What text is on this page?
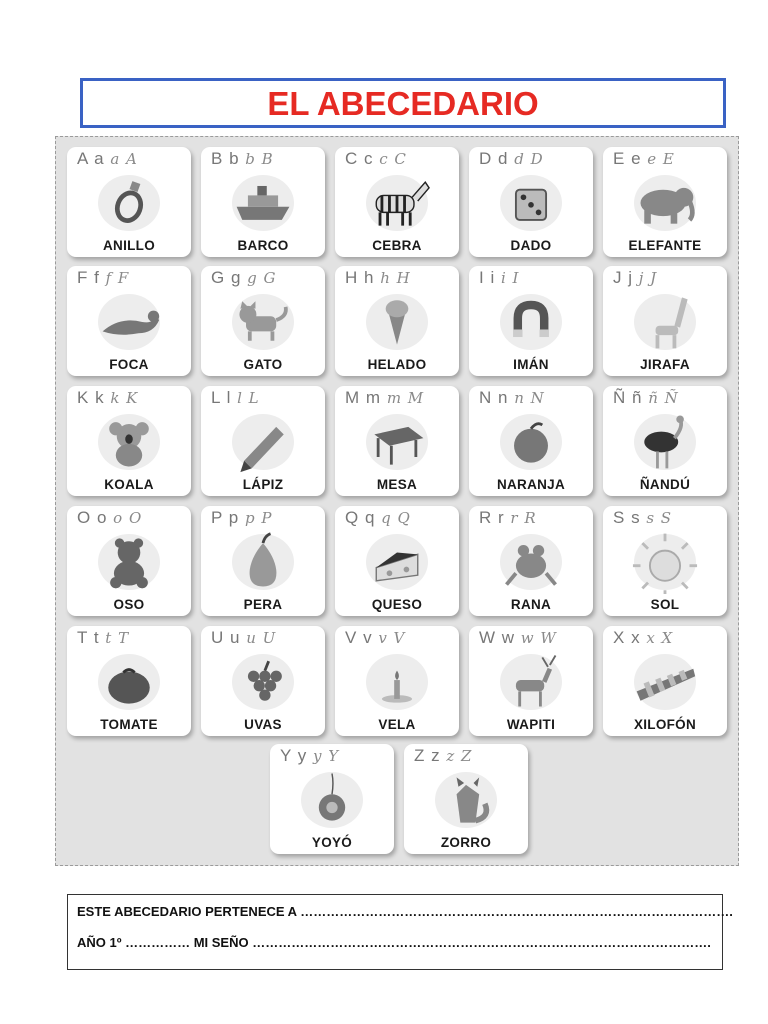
EL ABECEDARIO
A a a A
ANILLO
B b b B
BARCO
C c c C
CEBRA
D d d D
DADO
E e e E
ELEFANTE
F f f F
FOCA
G g g G
GATO
H h h H
HELADO
I i i I
IMÁN
J j j J
JIRAFA
K k k K
KOALA
L l l L
LÁPIZ
M m m M
MESA
N n n N
NARANJA
Ñ ñ ñ Ñ
ÑANDÚ
O o o O
OSO
P p p P
PERA
Q q q Q
QUESO
R r r R
RANA
S s s S
SOL
T t t T
TOMATE
U u u U
UVAS
V v v V
VELA
W w w W
WAPITI
X x x X
XILOFÓN
Y y y Y
YOYÓ
Z z z Z
ZORRO
ESTE ABECEDARIO PERTENECE A ……………………………………………………………………………………….
AÑO 1º …………… MI SEÑO …………………………………………………………………………………………….
